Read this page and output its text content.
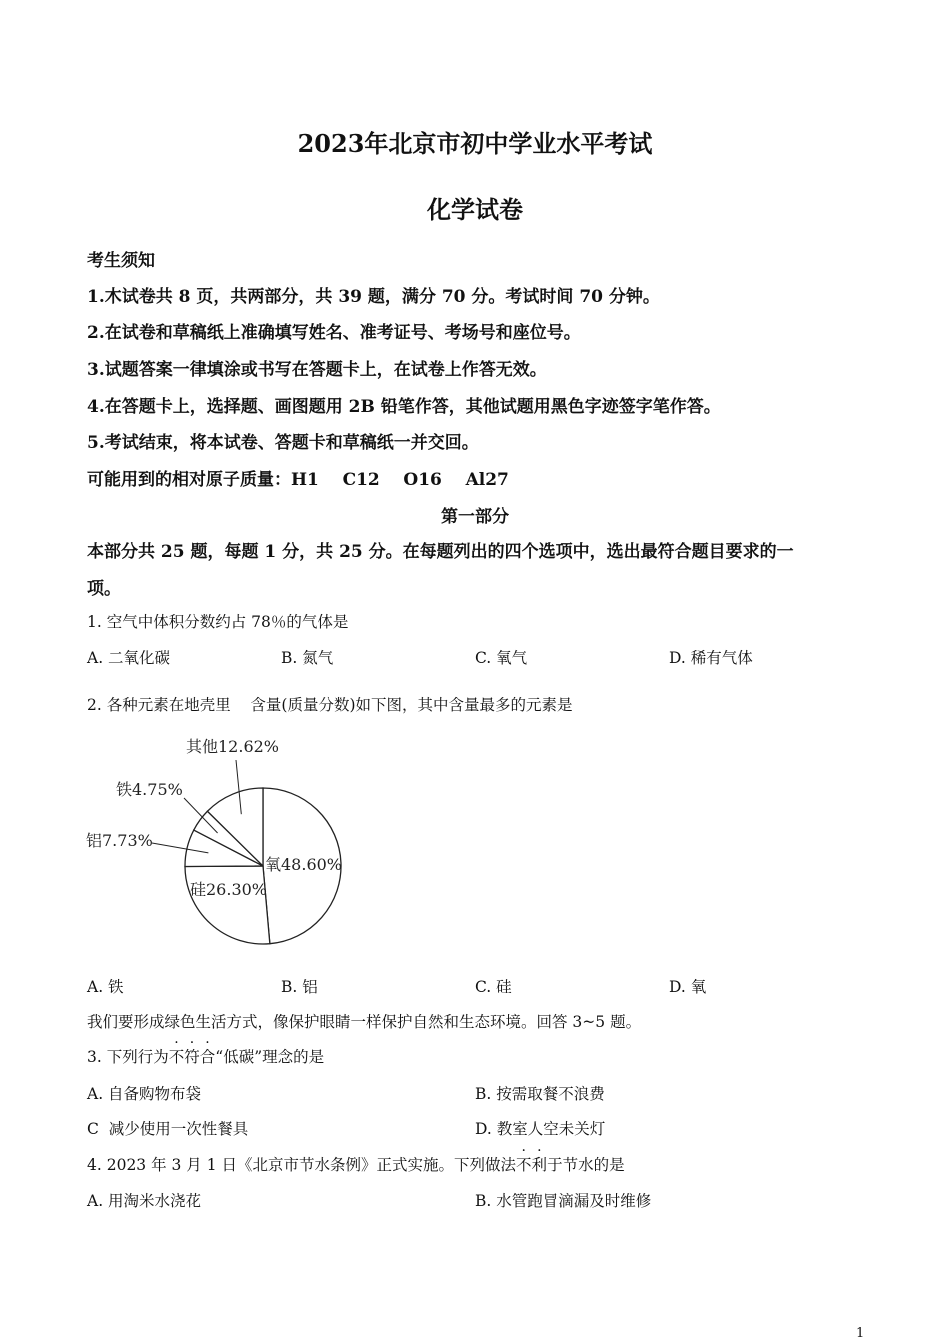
2023年北京市初中学业水平考试
化学试卷
考生须知
1.木试卷共 8 页，共两部分，共 39 题，满分 70 分。考试时间 70 分钟。
2.在试卷和草稿纸上准确填写姓名、准考证号、考场号和座位号。
3.试题答案一律填涂或书写在答题卡上，在试卷上作答无效。
4.在答题卡上，选择题、画图题用 2B 铅笔作答，其他试题用黑色字迹签字笔作答。
5.考试结束，将本试卷、答题卡和草稿纸一并交回。
可能用到的相对原子质量：H1    C12    O16    Al27
第一部分
本部分共 25 题，每题 1 分，共 25 分。在每题列出的四个选项中，选出最符合题目要求的一
项。
1. 空气中体积分数约占 78％的气体是
A. 二氧化碳	B. 氮气	C. 氧气	D. 稀有气体
2. 各种元素在地壳里    含量(质量分数)如下图，其中含量最多的元素是
氧48.60%
硅26.30%
铝7.73%
铁4.75%
其他12.62%
A. 铁	B. 铝	C. 硅	D. 氧
我们要形成绿色生活方式，像保护眼睛一样保护自然和生态环境。回答 3~5 题。
3. 下列行为不符合“低碳”理念的是
A. 自备购物布袋	B. 按需取餐不浪费
C  减少使用一次性餐具	D. 教室人空未关灯
4. 2023 年 3 月 1 日《北京市节水条例》正式实施。下列做法不利于节水的是
A. 用淘米水浇花	B. 水管跑冒滴漏及时维修
1
